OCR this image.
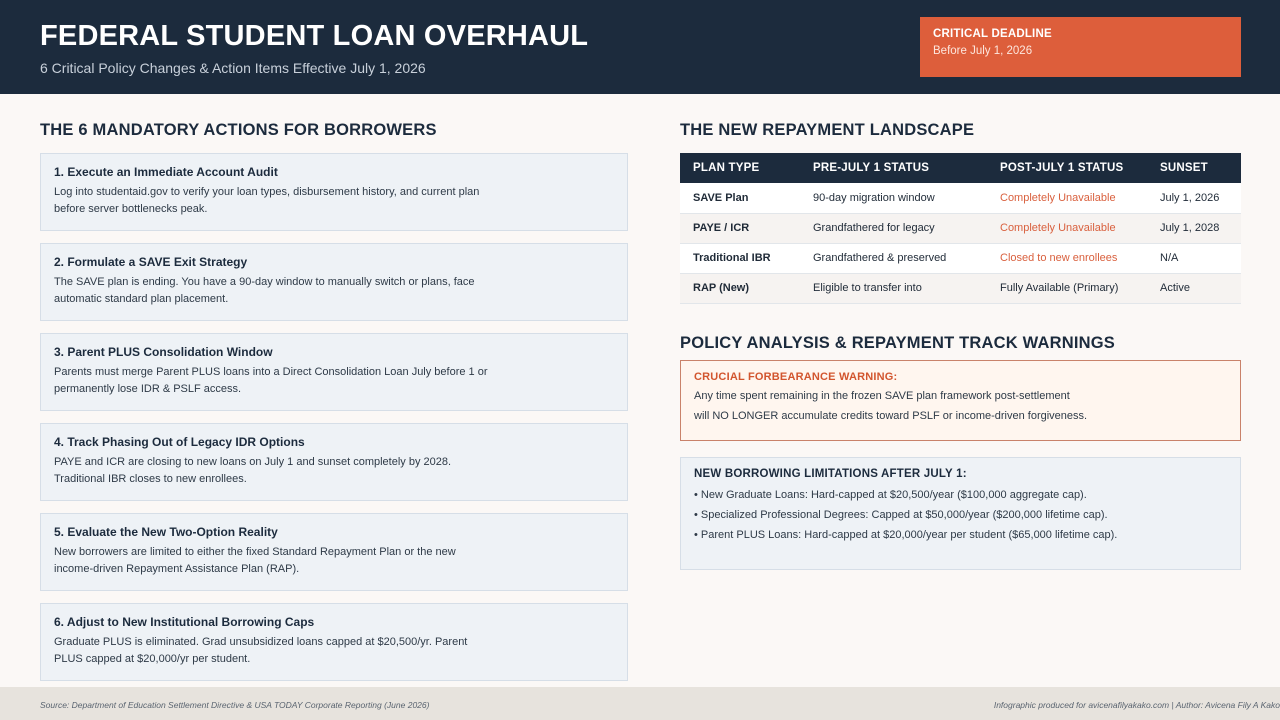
FEDERAL STUDENT LOAN OVERHAUL
6 Critical Policy Changes & Action Items Effective July 1, 2026
CRITICAL DEADLINE
Before July 1, 2026
THE 6 MANDATORY ACTIONS FOR BORROWERS
1. Execute an Immediate Account Audit
Log into studentaid.gov to verify your loan types, disbursement history, and current plan before server bottlenecks peak.
2. Formulate a SAVE Exit Strategy
The SAVE plan is ending. You have a 90-day window to manually switch or plans, face automatic standard plan placement.
3. Parent PLUS Consolidation Window
Parents must merge Parent PLUS loans into a Direct Consolidation Loan July before 1 or permanently lose IDR & PSLF access.
4. Track Phasing Out of Legacy IDR Options
PAYE and ICR are closing to new loans on July 1 and sunset completely by 2028. Traditional IBR closes to new enrollees.
5. Evaluate the New Two-Option Reality
New borrowers are limited to either the fixed Standard Repayment Plan or the new income-driven Repayment Assistance Plan (RAP).
6. Adjust to New Institutional Borrowing Caps
Graduate PLUS is eliminated. Grad unsubsidized loans capped at $20,500/yr. Parent PLUS capped at $20,000/yr per student.
THE NEW REPAYMENT LANDSCAPE
PLAN TYPE	PRE-JULY 1 STATUS	POST-JULY 1 STATUS	SUNSET
SAVE Plan	90-day migration window	Completely Unavailable	July 1, 2026
PAYE / ICR	Grandfathered for legacy	Completely Unavailable	July 1, 2028
Traditional IBR	Grandfathered & preserved	Closed to new enrollees	N/A
RAP (New)	Eligible to transfer into	Fully Available (Primary)	Active
POLICY ANALYSIS & REPAYMENT TRACK WARNINGS
CRUCIAL FORBEARANCE WARNING:
Any time spent remaining in the frozen SAVE plan framework post-settlement
will NO LONGER accumulate credits toward PSLF or income-driven forgiveness.
NEW BORROWING LIMITATIONS AFTER JULY 1:
• New Graduate Loans: Hard-capped at $20,500/year ($100,000 aggregate cap).
• Specialized Professional Degrees: Capped at $50,000/year ($200,000 lifetime cap).
• Parent PLUS Loans: Hard-capped at $20,000/year per student ($65,000 lifetime cap).
Source: Department of Education Settlement Directive & USA TODAY Corporate Reporting (June 2026)	Infographic produced for avicenafilyakako.com | Author: Avicena Fily A Kako
